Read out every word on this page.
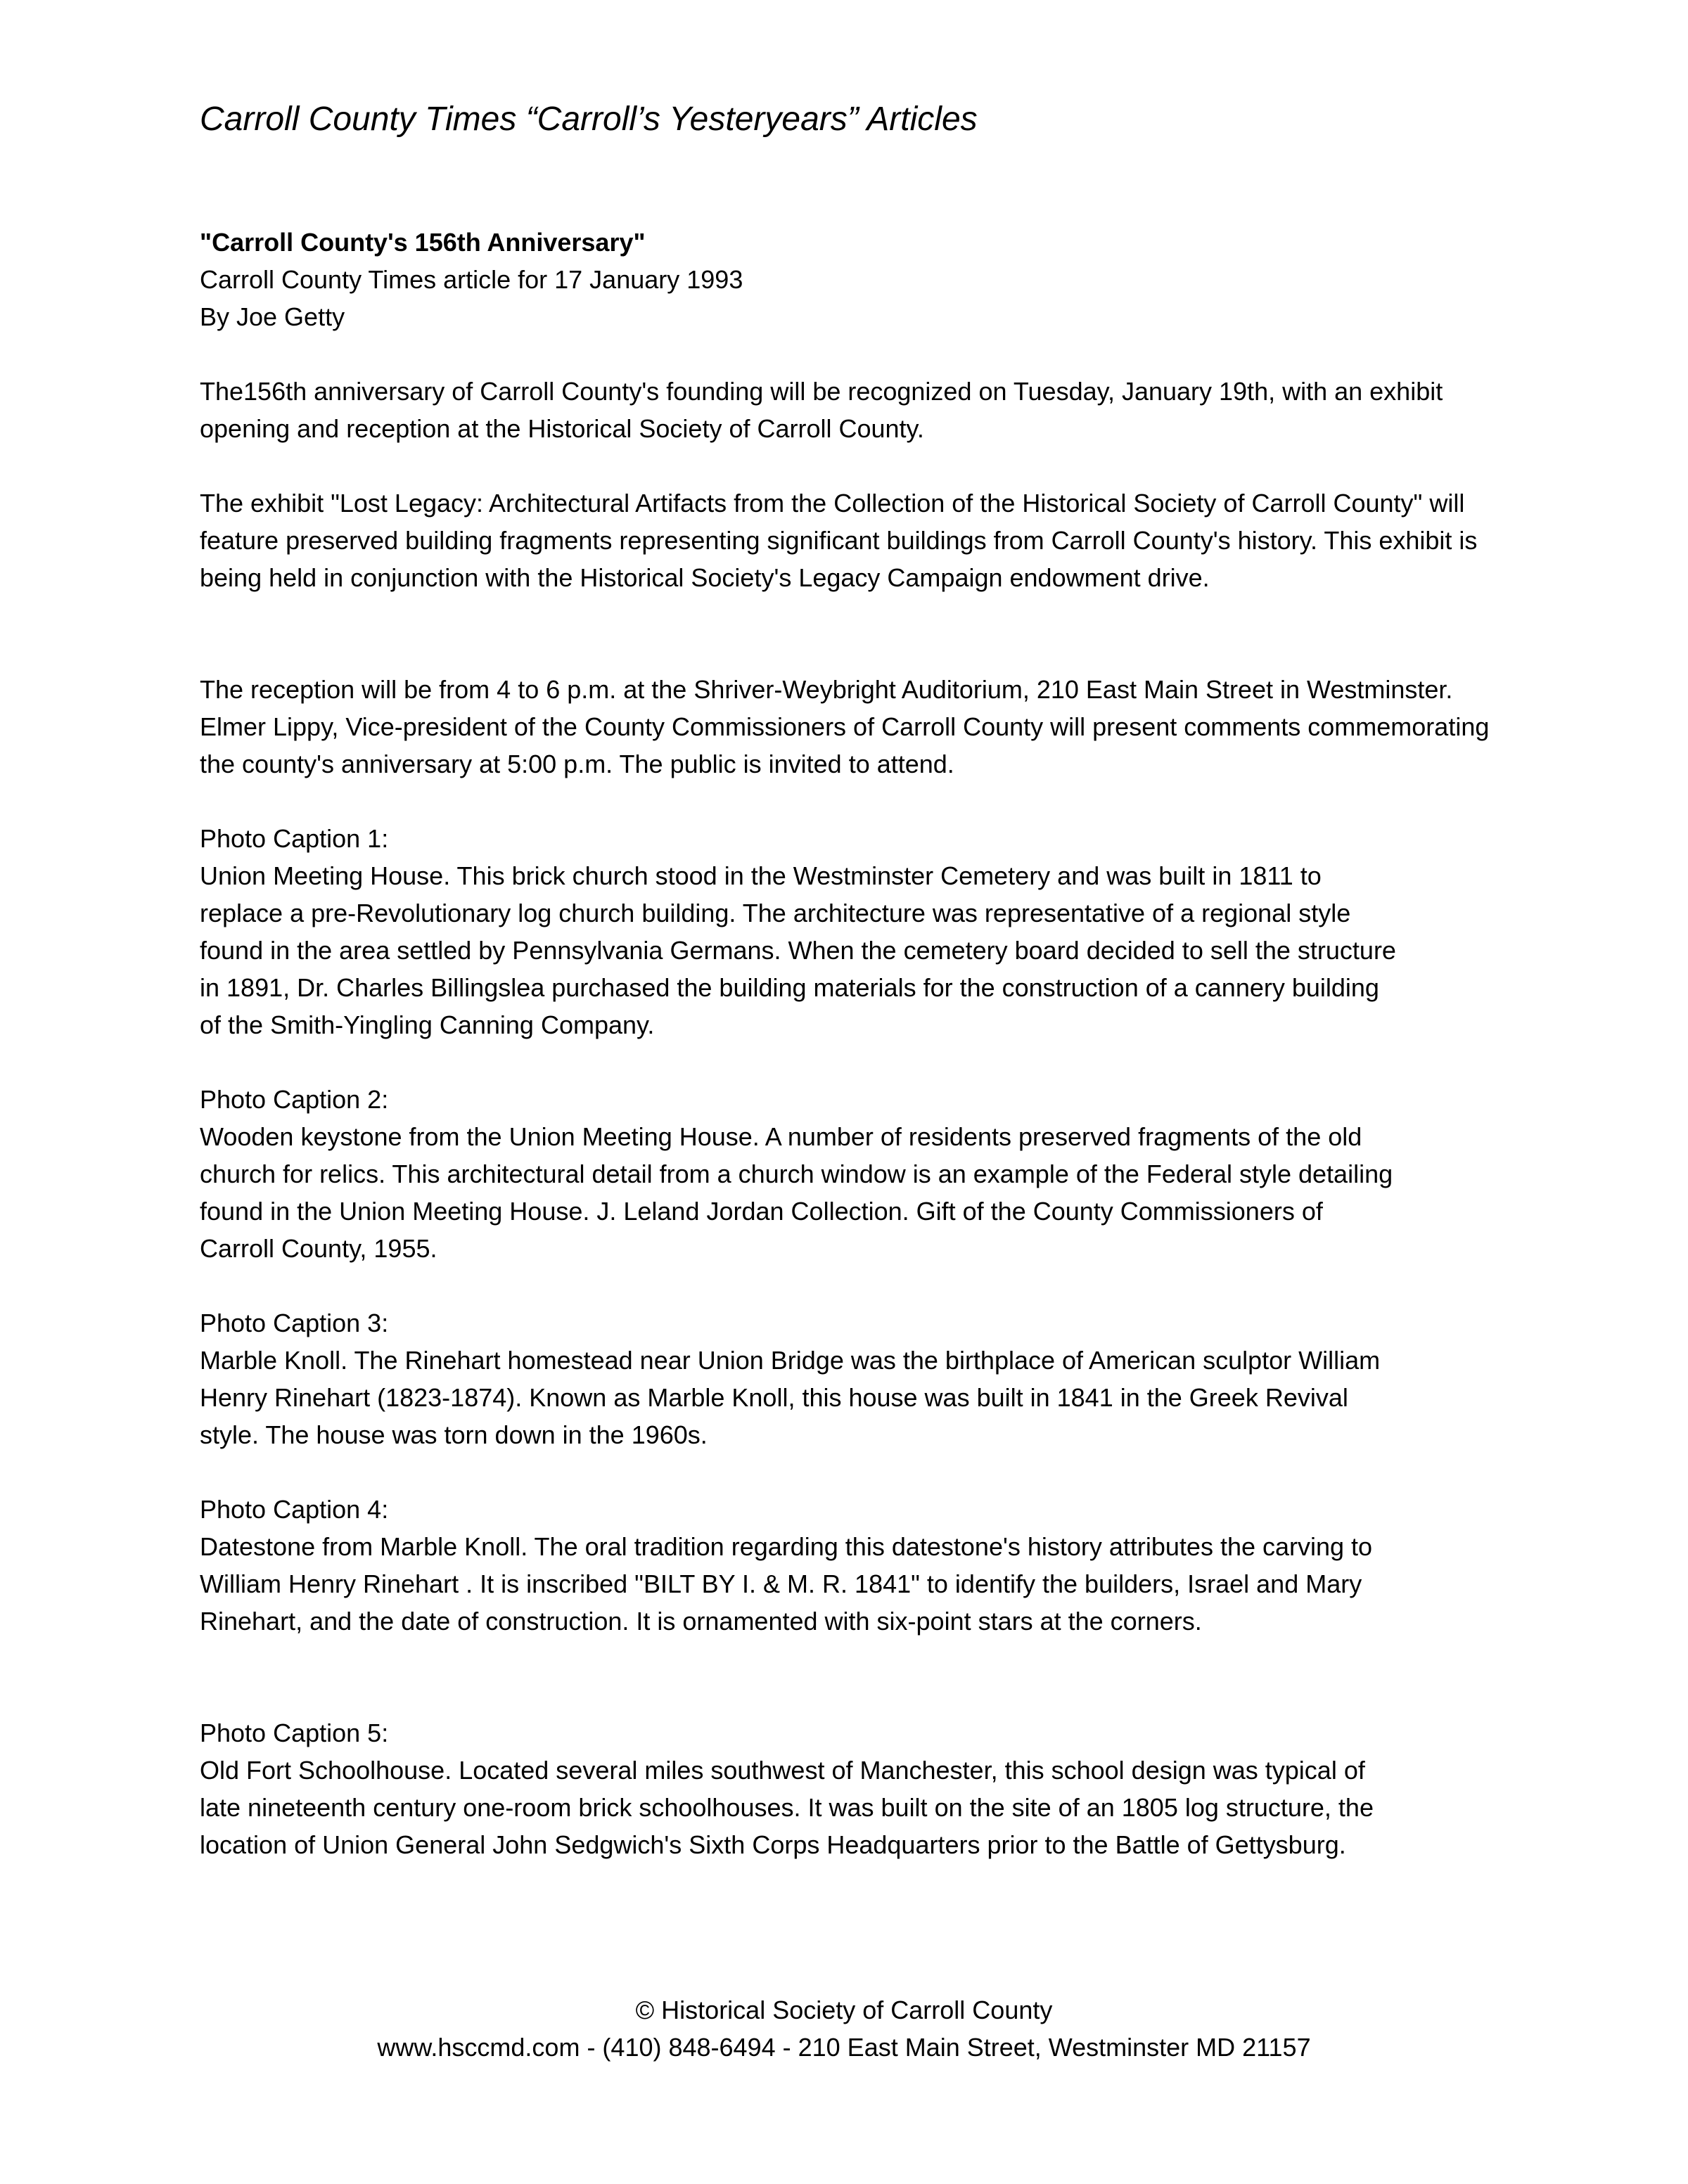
Carroll County Times “Carroll’s Yesteryears” Articles

"Carroll County's 156th Anniversary"

Carroll County Times article for 17 January 1993

By Joe Getty

The156th anniversary of Carroll County's founding will be recognized on Tuesday, January 19th, with an exhibit opening and reception at the Historical Society of Carroll County.

The exhibit "Lost Legacy: Architectural Artifacts from the Collection of the Historical Society of Carroll County" will feature preserved building fragments representing significant buildings from Carroll County's history. This exhibit is being held in conjunction with the Historical Society's Legacy Campaign endowment drive.

The reception will be from 4 to 6 p.m. at the Shriver-Weybright Auditorium, 210 East Main Street in Westminster. Elmer Lippy, Vice-president of the County Commissioners of Carroll County will present comments commemorating the county's anniversary at 5:00 p.m. The public is invited to attend.

Photo Caption 1:

Union Meeting House. This brick church stood in the Westminster Cemetery and was built in 1811 to replace a pre-Revolutionary log church building. The architecture was representative of a regional style found in the area settled by Pennsylvania Germans. When the cemetery board decided to sell the structure in 1891, Dr. Charles Billingslea purchased the building materials for the construction of a cannery building of the Smith-Yingling Canning Company.

Photo Caption 2:

Wooden keystone from the Union Meeting House. A number of residents preserved fragments of the old church for relics. This architectural detail from a church window is an example of the Federal style detailing found in the Union Meeting House. J. Leland Jordan Collection. Gift of the County Commissioners of Carroll County, 1955.

Photo Caption 3:

Marble Knoll. The Rinehart homestead near Union Bridge was the birthplace of American sculptor William Henry Rinehart (1823-1874). Known as Marble Knoll, this house was built in 1841 in the Greek Revival style. The house was torn down in the 1960s.

Photo Caption 4:

Datestone from Marble Knoll. The oral tradition regarding this datestone's history attributes the carving to William Henry Rinehart . It is inscribed "BILT BY I. & M. R. 1841" to identify the builders, Israel and Mary Rinehart, and the date of construction. It is ornamented with six-point stars at the corners.

Photo Caption 5:

Old Fort Schoolhouse. Located several miles southwest of Manchester, this school design was typical of late nineteenth century one-room brick schoolhouses. It was built on the site of an 1805 log structure, the location of Union General John Sedgwich's Sixth Corps Headquarters prior to the Battle of Gettysburg.

© Historical Society of Carroll County

www.hsccmd.com - (410) 848-6494 - 210 East Main Street, Westminster MD 21157
